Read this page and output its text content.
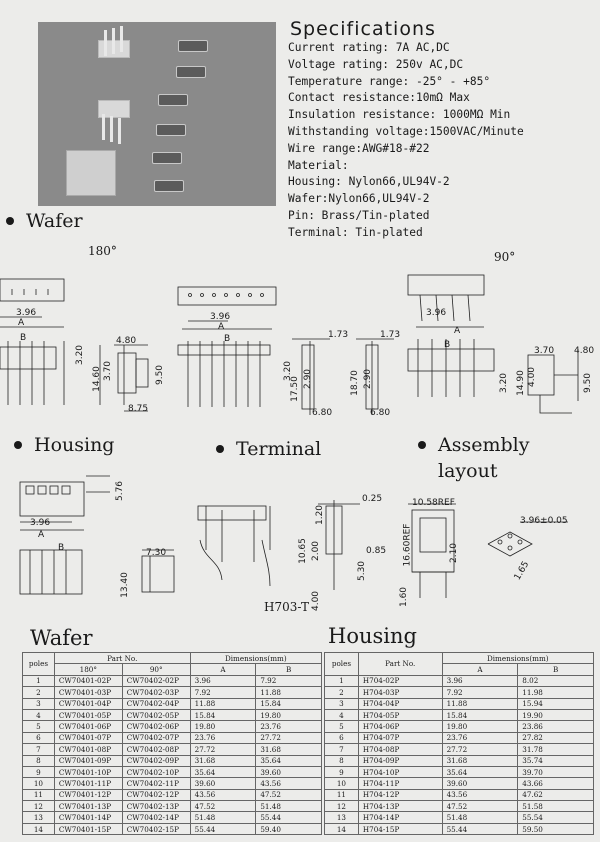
Specifications
Current rating: 7A AC,DC
Voltage rating: 250v AC,DC
Temperature range: -25° - +85°
Contact resistance:10mΩ Max
Insulation resistance: 1000MΩ Min
Withstanding voltage:1500VAC/Minute
Wire range:AWG#18-#22
Material:
Housing: Nylon66,UL94V-2
Wafer:Nylon66,UL94V-2
Pin: Brass/Tin-plated
Terminal: Tin-plated
Wafer
180°	90°
3.96
A
B	4.80
3.20
14.60 3.70	9.50
8.75
3.96
A
B	1.73
3.20
17.50 2.90
6.80
1.73
18.70 2.90
6.80
3.96
A
B
3.20 14.90 4.00
3.70 4.80
9.50
Housing	Terminal	Assembly
layout
5.76
3.96
A
B	7.30
13.40
0.25
1.20
10.65 2.00	0.85
5.30
4.00
H703-T
10.58REF
16.60REF	2.10
1.60
3.96±0.05
1.65
Wafer	Housing
poles	Part No.		Dimensions(mm)	
	180°	90°	A	B
1	CW70401-02P	CW70402-02P	3.96	7.92
2	CW70401-03P	CW70402-03P	7.92	11.88
3	CW70401-04P	CW70402-04P	11.88	15.84
4	CW70401-05P	CW70402-05P	15.84	19.80
5	CW70401-06P	CW70402-06P	19.80	23.76
6	CW70401-07P	CW70402-07P	23.76	27.72
7	CW70401-08P	CW70402-08P	27.72	31.68
8	CW70401-09P	CW70402-09P	31.68	35.64
9	CW70401-10P	CW70402-10P	35.64	39.60
10	CW70401-11P	CW70402-11P	39.60	43.56
11	CW70401-12P	CW70402-12P	43.56	47.52
12	CW70401-13P	CW70402-13P	47.52	51.48
13	CW70401-14P	CW70402-14P	51.48	55.44
14	CW70401-15P	CW70402-15P	55.44	59.40
poles	Part No.	Dimensions(mm)	
		A	B
1	H704-02P	3.96	8.02
2	H704-03P	7.92	11.98
3	H704-04P	11.88	15.94
4	H704-05P	15.84	19.90
5	H704-06P	19.80	23.86
6	H704-07P	23.76	27.82
7	H704-08P	27.72	31.78
8	H704-09P	31.68	35.74
9	H704-10P	35.64	39.70
10	H704-11P	39.60	43.66
11	H704-12P	43.56	47.62
12	H704-13P	47.52	51.58
13	H704-14P	51.48	55.54
14	H704-15P	55.44	59.50
